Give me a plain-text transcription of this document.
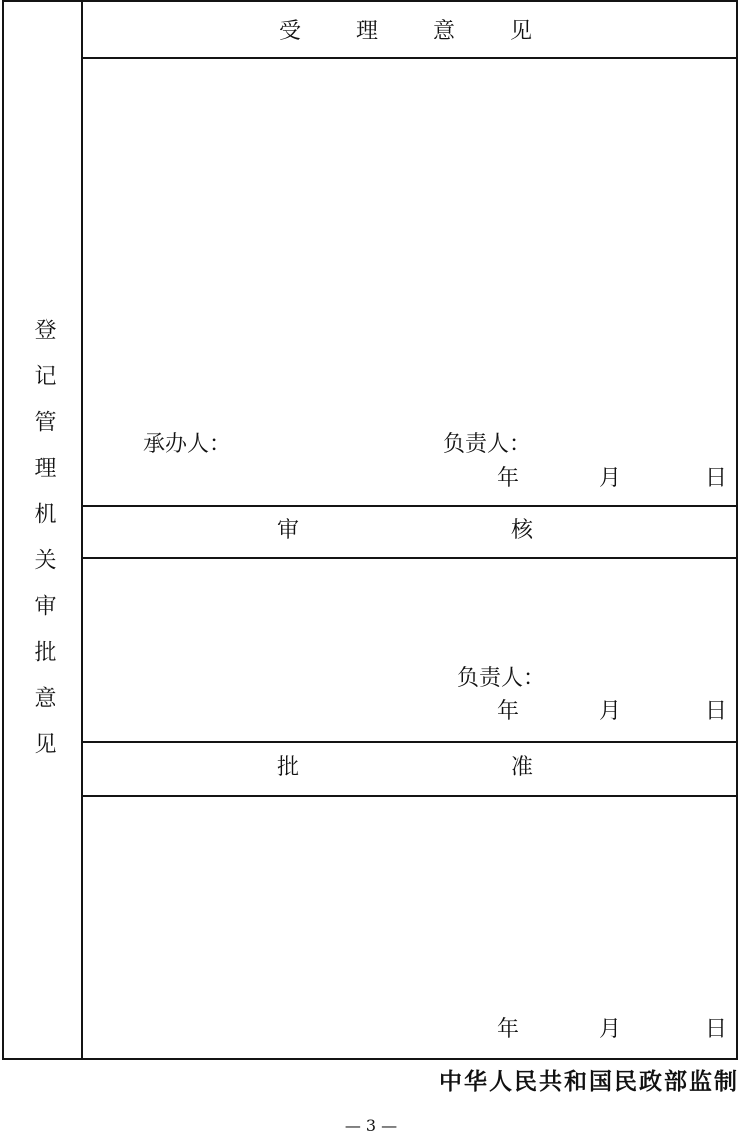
登记管理机关审批意见
受 理 意 见
承办人：	负责人：
年	月	日
审 核
负责人：
年	月	日
批 准
年	月	日
中华人民共和国民政部监制
— 3 —
